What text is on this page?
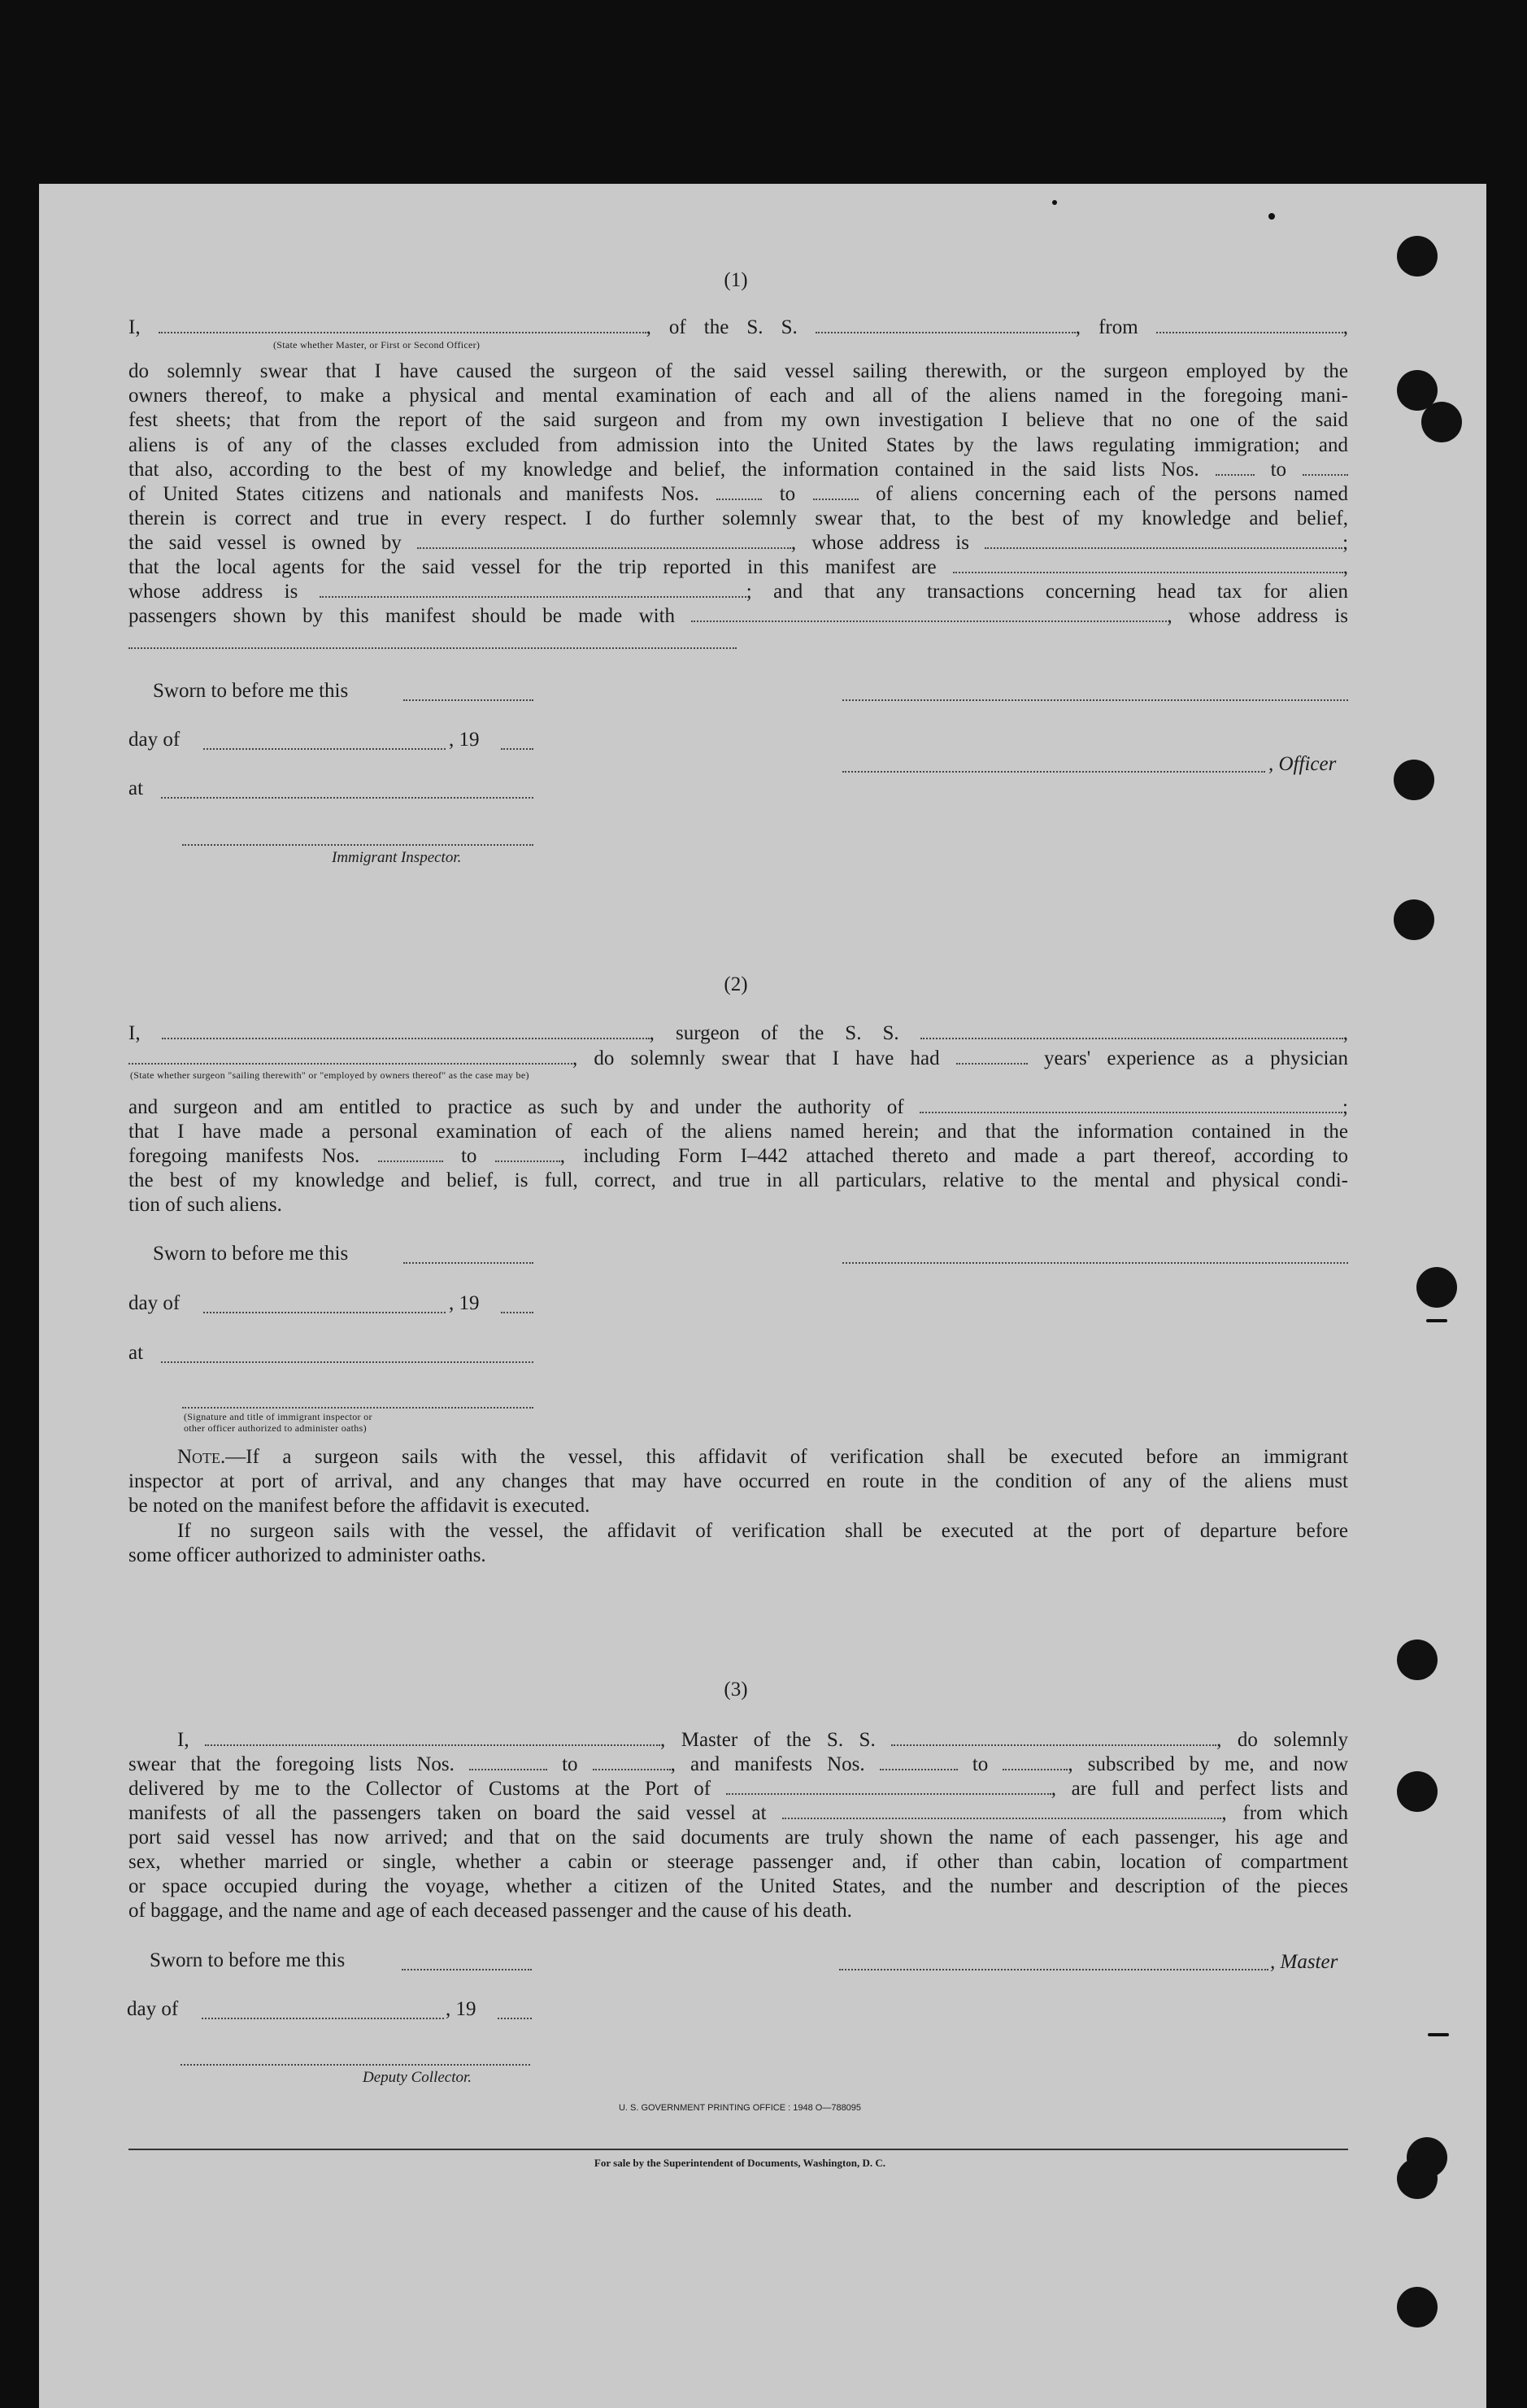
(1)
I,	, of the S. S.	, from	,
(State whether Master, or First or Second Officer)
do solemnly swear that I have caused the surgeon of the said vessel sailing therewith, or the surgeon employed by the
owners thereof, to make a physical and mental examination of each and all of the aliens named in the foregoing mani-
fest sheets; that from the report of the said surgeon and from my own investigation I believe that no one of the said
aliens is of any of the classes excluded from admission into the United States by the laws regulating immigration; and
that also, according to the best of my knowledge and belief, the information contained in the said lists Nos.	to
of United States citizens and nationals and manifests Nos.	to	of aliens concerning each of the persons named
therein is correct and true in every respect. I do further solemnly swear that, to the best of my knowledge and belief,
the said vessel is owned by	, whose address is	;
that the local agents for the said vessel for the trip reported in this manifest are	,
whose address is	; and that any transactions concerning head tax for alien
passengers shown by this manifest should be made with	, whose address is
Sworn to before me this
day of	, 19
, Officer
at
Immigrant Inspector.
(2)
I,	, surgeon of the S. S.	,
, do solemnly swear that I have had	years' experience as a physician
(State whether surgeon "sailing therewith" or "employed by owners thereof" as the case may be)
and surgeon and am entitled to practice as such by and under the authority of	;
that I have made a personal examination of each of the aliens named herein; and that the information contained in the
foregoing manifests Nos.	to	, including Form I–442 attached thereto and made a part thereof, according to
the best of my knowledge and belief, is full, correct, and true in all particulars, relative to the mental and physical condi-
tion of such aliens.
Sworn to before me this
day of	, 19
at
(Signature and title of immigrant inspector or
other officer authorized to administer oaths)
Note.—If a surgeon sails with the vessel, this affidavit of verification shall be executed before an immigrant
inspector at port of arrival, and any changes that may have occurred en route in the condition of any of the aliens must
be noted on the manifest before the affidavit is executed.
If no surgeon sails with the vessel, the affidavit of verification shall be executed at the port of departure before
some officer authorized to administer oaths.
(3)
I,	, Master of the S. S.	, do solemnly
swear that the foregoing lists Nos.	to	, and manifests Nos.	to	, subscribed by me, and now
delivered by me to the Collector of Customs at the Port of	, are full and perfect lists and
manifests of all the passengers taken on board the said vessel at	, from which
port said vessel has now arrived; and that on the said documents are truly shown the name of each passenger, his age and
sex, whether married or single, whether a cabin or steerage passenger and, if other than cabin, location of compartment
or space occupied during the voyage, whether a citizen of the United States, and the number and description of the pieces
of baggage, and the name and age of each deceased passenger and the cause of his death.
Sworn to before me this	, Master
day of	, 19
Deputy Collector.
U. S. GOVERNMENT PRINTING OFFICE : 1948 O—788095
For sale by the Superintendent of Documents, Washington, D. C.
